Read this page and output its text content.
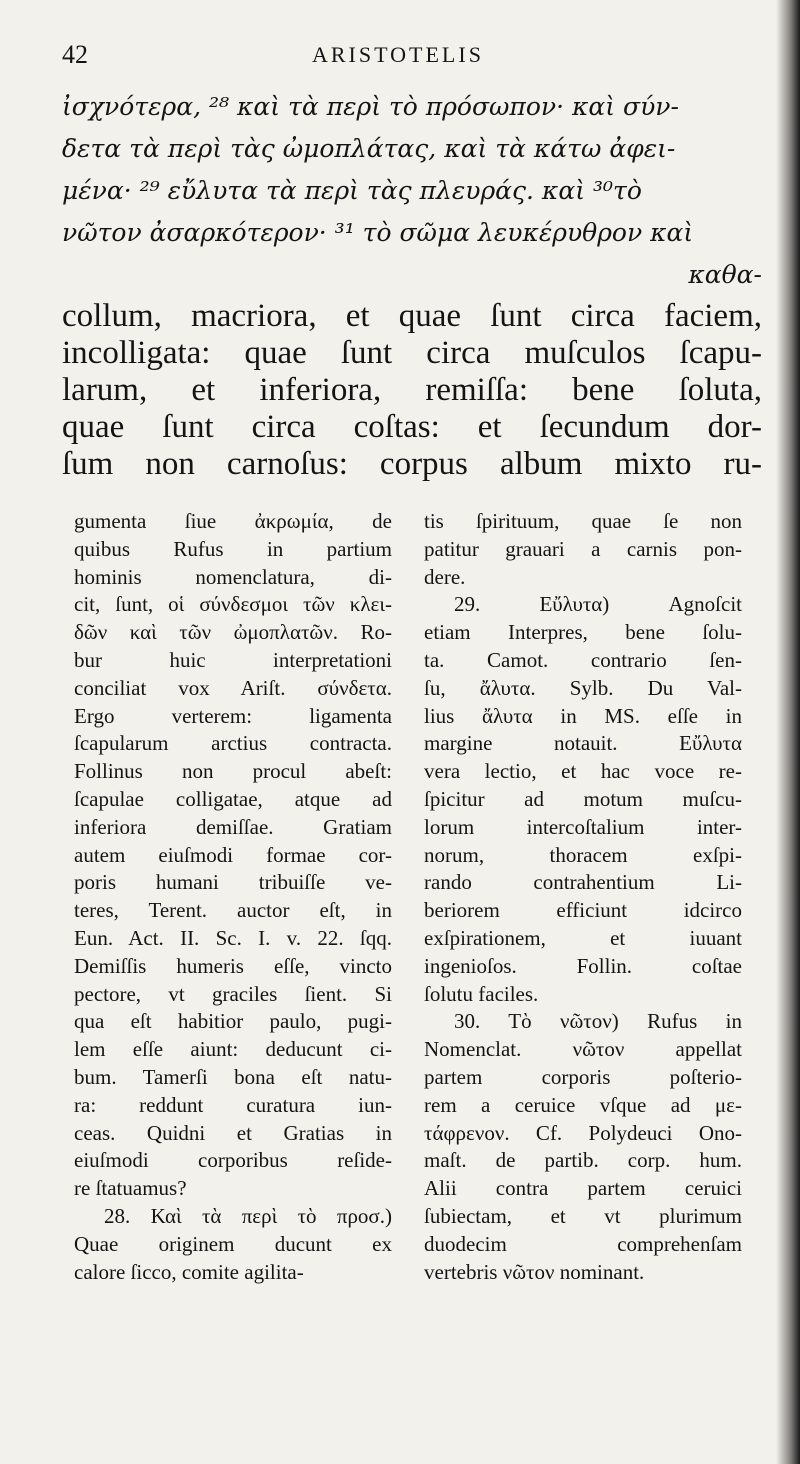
42	ARISTOTELIS
ἰσχνότερα, ²⁸ καὶ τὰ περὶ τὸ πρόσωπον· καὶ σύν-
δετα τὰ περὶ τὰς ὠμοπλάτας, καὶ τὰ κάτω ἀφει-
μένα· ²⁹ εὔλυτα τὰ περὶ τὰς πλευράς. καὶ ³⁰τὸ
νῶτον ἀσαρκότερον· ³¹ τὸ σῶμα λευκέρυθρον καὶ
καθα-
collum, macriora, et quae ſunt circa faciem,
incolligata: quae ſunt circa muſculos ſcapu-
larum, et inferiora, remiſſa: bene ſoluta,
quae ſunt circa coſtas: et ſecundum dor-
ſum non carnoſus: corpus album mixto ru-
gumenta ſiue ἀκρωμία, de
quibus Rufus in partium
hominis nomenclatura, di-
cit, ſunt, οἱ σύνδεσμοι τῶν κλει-
δῶν καὶ τῶν ὠμοπλατῶν. Ro-
bur huic interpretationi
conciliat vox Ariſt. σύνδετα.
Ergo verterem: ligamenta
ſcapularum arctius contracta.
Follinus non procul abeſt:
ſcapulae colligatae, atque ad
inferiora demiſſae. Gratiam
autem eiuſmodi formae cor-
poris humani tribuiſſe ve-
teres, Terent. auctor eſt, in
Eun. Act. II. Sc. I. v. 22. ſqq.
Demiſſis humeris eſſe, vincto
pectore, vt graciles ſient. Si
qua eſt habitior paulo, pugi-
lem eſſe aiunt: deducunt ci-
bum. Tamerſi bona eſt natu-
ra: reddunt curatura iun-
ceas. Quidni et Gratias in
eiuſmodi corporibus reſide-
re ſtatuamus?
28. Καὶ τὰ περὶ τὸ προσ.)
Quae originem ducunt ex
calore ſicco, comite agilita-
tis ſpirituum, quae ſe non
patitur grauari a carnis pon-
dere.
29. Εὔλυτα) Agnoſcit
etiam Interpres, bene ſolu-
ta. Camot. contrario ſen-
ſu, ἄλυτα. Sylb. Du Val-
lius ἄλυτα in MS. eſſe in
margine notauit. Εὔλυτα
vera lectio, et hac voce re-
ſpicitur ad motum muſcu-
lorum intercoſtalium inter-
norum, thoracem exſpi-
rando contrahentium Li-
beriorem efficiunt idcirco
exſpirationem, et iuuant
ingenioſos. Follin. coſtae
ſolutu faciles.
30. Τὸ νῶτον) Rufus in
Nomenclat. νῶτον appellat
partem corporis poſterio-
rem a ceruice vſque ad με-
τάφρενον. Cf. Polydeuci Ono-
maſt. de partib. corp. hum.
Alii contra partem ceruici
ſubiectam, et vt plurimum
duodecim comprehenſam
vertebris νῶτον nominant.
